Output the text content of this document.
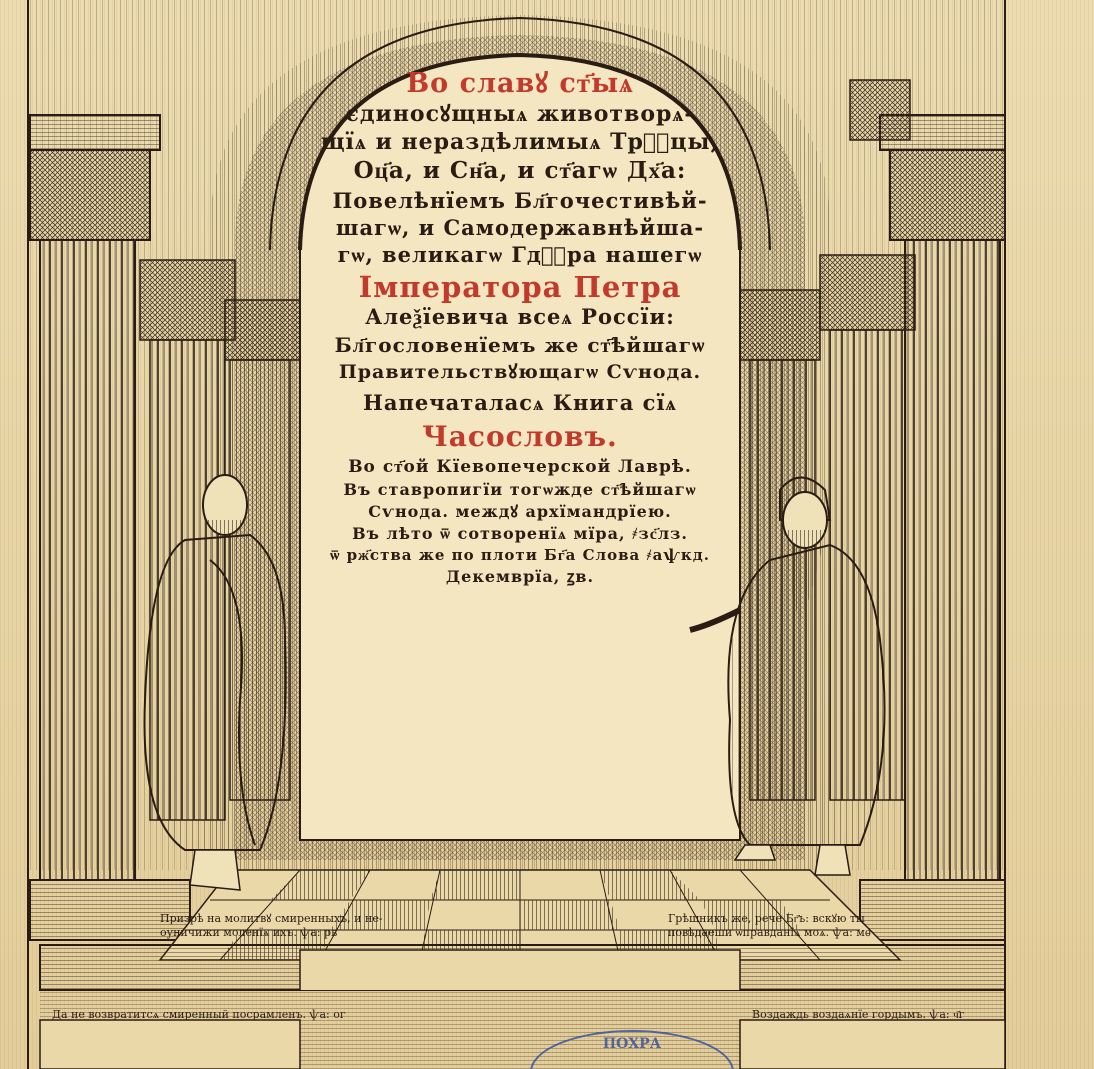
Во славꙋ ст҃ыѧ
єдиносꙋщныѧ животворѧ-
щїѧ и нераздѣлимыѧ Трⷪ҇цы,
Оц҃а, и Сн҃а, и ст҃агѡ Дх҃а:
Повелѣнїемъ Бл҃гочестивѣй-
шагѡ, и Самодержавнѣйша-
гѡ, великагѡ Гдⷭ҇ра нашегѡ
Імператора Петра
Алеѯїевича всеѧ Россїи:
Бл҃гословенїемъ же ст҃ѣйшагѡ
Правительствꙋющагѡ Сѵнода.
Напечаталасѧ Книга сїѧ
Часословъ.
Во ст҃ой Кїевопечерской Лаврѣ.
Въ ставропигїи тогѡжде ст҃ѣйшагѡ
Сѵнода. междꙋ архїмандрїею.
Въ лѣто ѿ сотворенїѧ мїра, ҂зс҃лз.
ѿ рж҃ства же по плоти Бг҃а Слова ҂аѱкд.
Декемврїа, ꙁв.
Призрѣ на молитвꙋ смиренныхъ, и не-
оуничижи моленїѧ ихъ. ѱа: рв
Грѣшникъ же, рече Бг҃ъ: вскꙋю ты
повѣдаеши ѡправданїѧ моѧ. ѱа: мѳ
Да не возвратитсѧ смиренный посрамленъ. ѱа: ог	Воздаждь воздаѧнїе гордымъ. ѱа: ч҃г
ПОХРА
